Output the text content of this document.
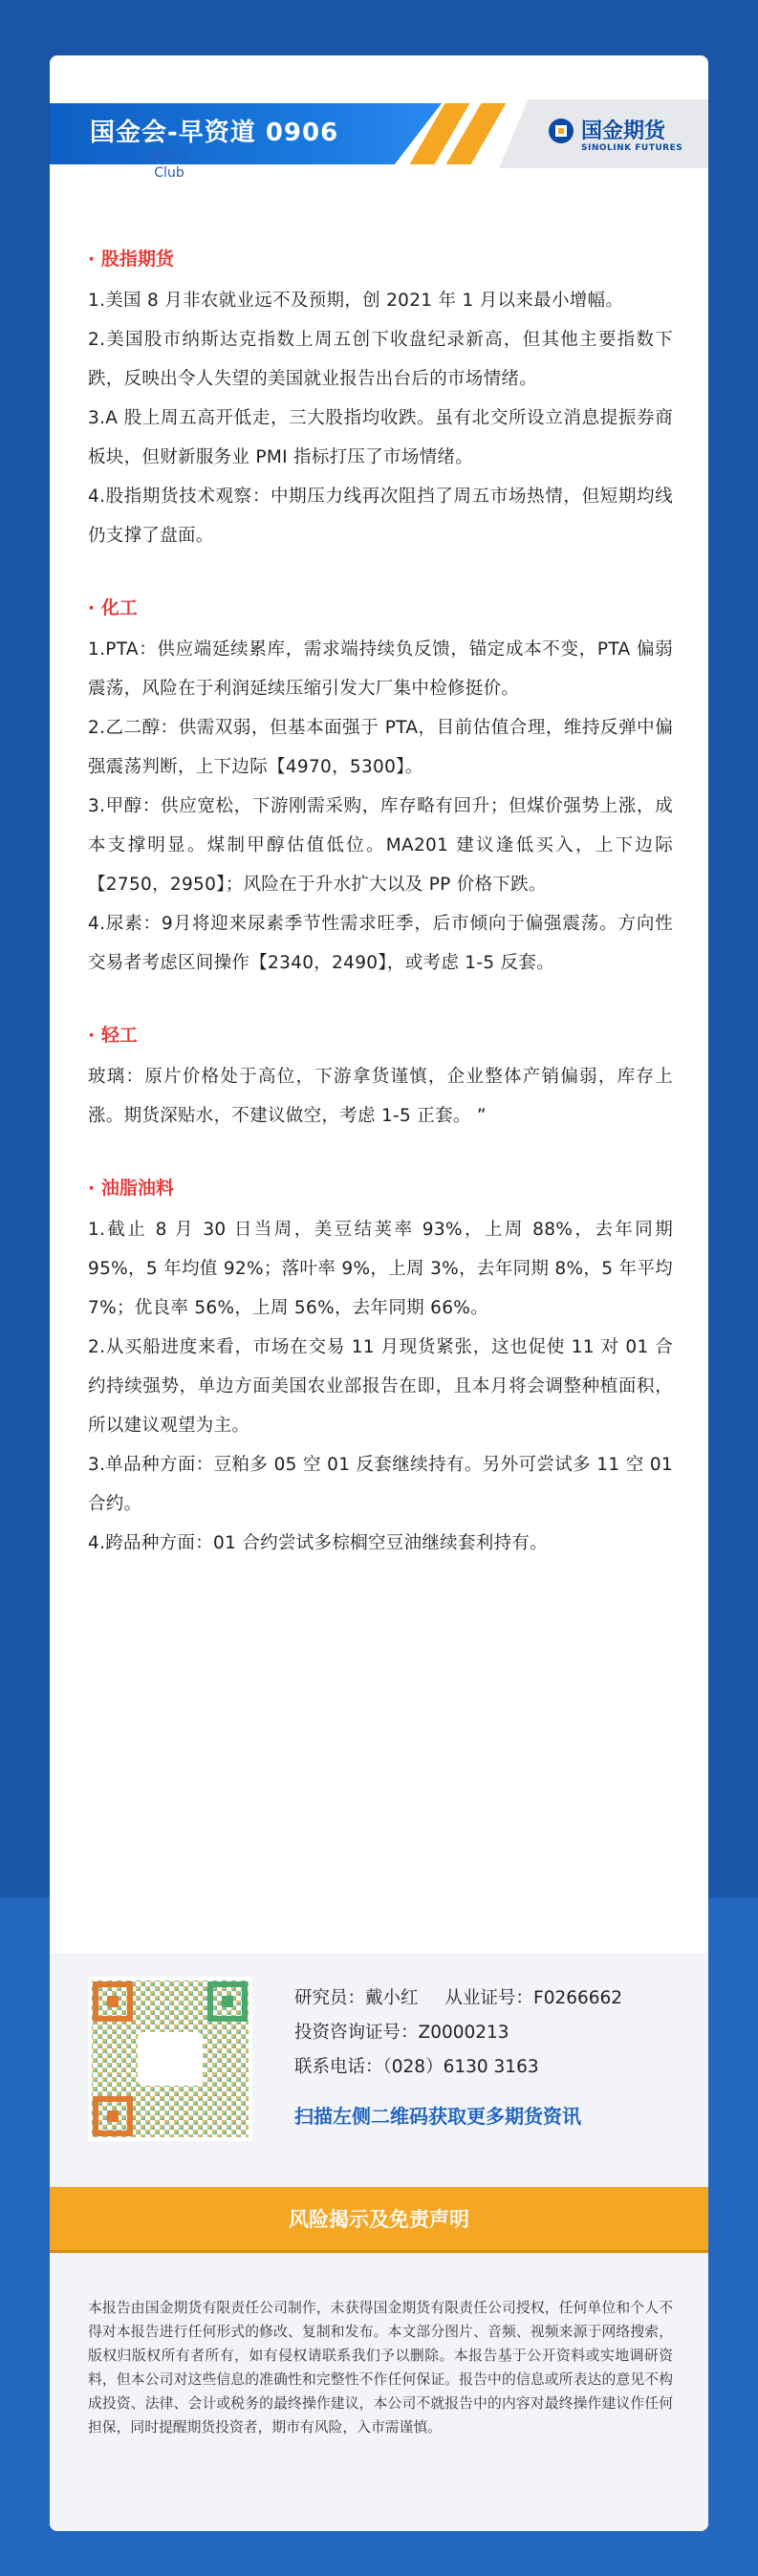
国金会-早资道 0906	国金期货
SINOLINK FUTURES
· 股指期货

1.美国 8 月非农就业远不及预期，创 2021 年 1 月以来最小增幅。

2.美国股市纳斯达克指数上周五创下收盘纪录新高，但其他主要指数下跌，反映出令人失望的美国就业报告出台后的市场情绪。

3.A 股上周五高开低走，三大股指均收跌。虽有北交所设立消息提振券商板块，但财新服务业 PMI 指标打压了市场情绪。

4.股指期货技术观察：中期压力线再次阻挡了周五市场热情，但短期均线仍支撑了盘面。

· 化工

1.PTA：供应端延续累库，需求端持续负反馈，锚定成本不变，PTA 偏弱震荡，风险在于利润延续压缩引发大厂集中检修挺价。

2.乙二醇：供需双弱，但基本面强于 PTA，目前估值合理，维持反弹中偏强震荡判断，上下边际【4970，5300】。

3.甲醇：供应宽松，下游刚需采购，库存略有回升；但煤价强势上涨，成本支撑明显。煤制甲醇估值低位。MA201 建议逢低买入，上下边际【2750，2950】；风险在于升水扩大以及 PP 价格下跌。

4.尿素：9月将迎来尿素季节性需求旺季，后市倾向于偏强震荡。方向性交易者考虑区间操作【2340，2490】，或考虑 1-5 反套。

· 轻工

玻璃：原片价格处于高位，下游拿货谨慎，企业整体产销偏弱，库存上涨。期货深贴水，不建议做空，考虑 1-5 正套。 ”

· 油脂油料

1.截止 8 月 30 日当周，美豆结荚率 93%，上周 88%，去年同期 95%，5 年均值 92%；落叶率 9%，上周 3%，去年同期 8%，5 年平均 7%；优良率 56%，上周 56%，去年同期 66%。

2.从买船进度来看，市场在交易 11 月现货紧张，这也促使 11 对 01 合约持续强势，单边方面美国农业部报告在即，且本月将会调整种植面积，所以建议观望为主。

3.单品种方面：豆粕多 05 空 01 反套继续持有。另外可尝试多 11 空 01 合约。

4.跨品种方面：01 合约尝试多棕榈空豆油继续套利持有。

国金会
Club
研究员：戴小红 从业证号：F0266662
投资咨询证号：Z0000213
联系电话：（028）6130 3163
扫描左侧二维码获取更多期货资讯
风险揭示及免责声明
本报告由国金期货有限责任公司制作，未获得国金期货有限责任公司授权，任何单位和个人不得对本报告进行任何形式的修改、复制和发布。本文部分图片、音频、视频来源于网络搜索，版权归版权所有者所有，如有侵权请联系我们予以删除。本报告基于公开资料或实地调研资料，但本公司对这些信息的准确性和完整性不作任何保证。报告中的信息或所表达的意见不构成投资、法律、会计或税务的最终操作建议，本公司不就报告中的内容对最终操作建议作任何担保，同时提醒期货投资者，期市有风险，入市需谨慎。
